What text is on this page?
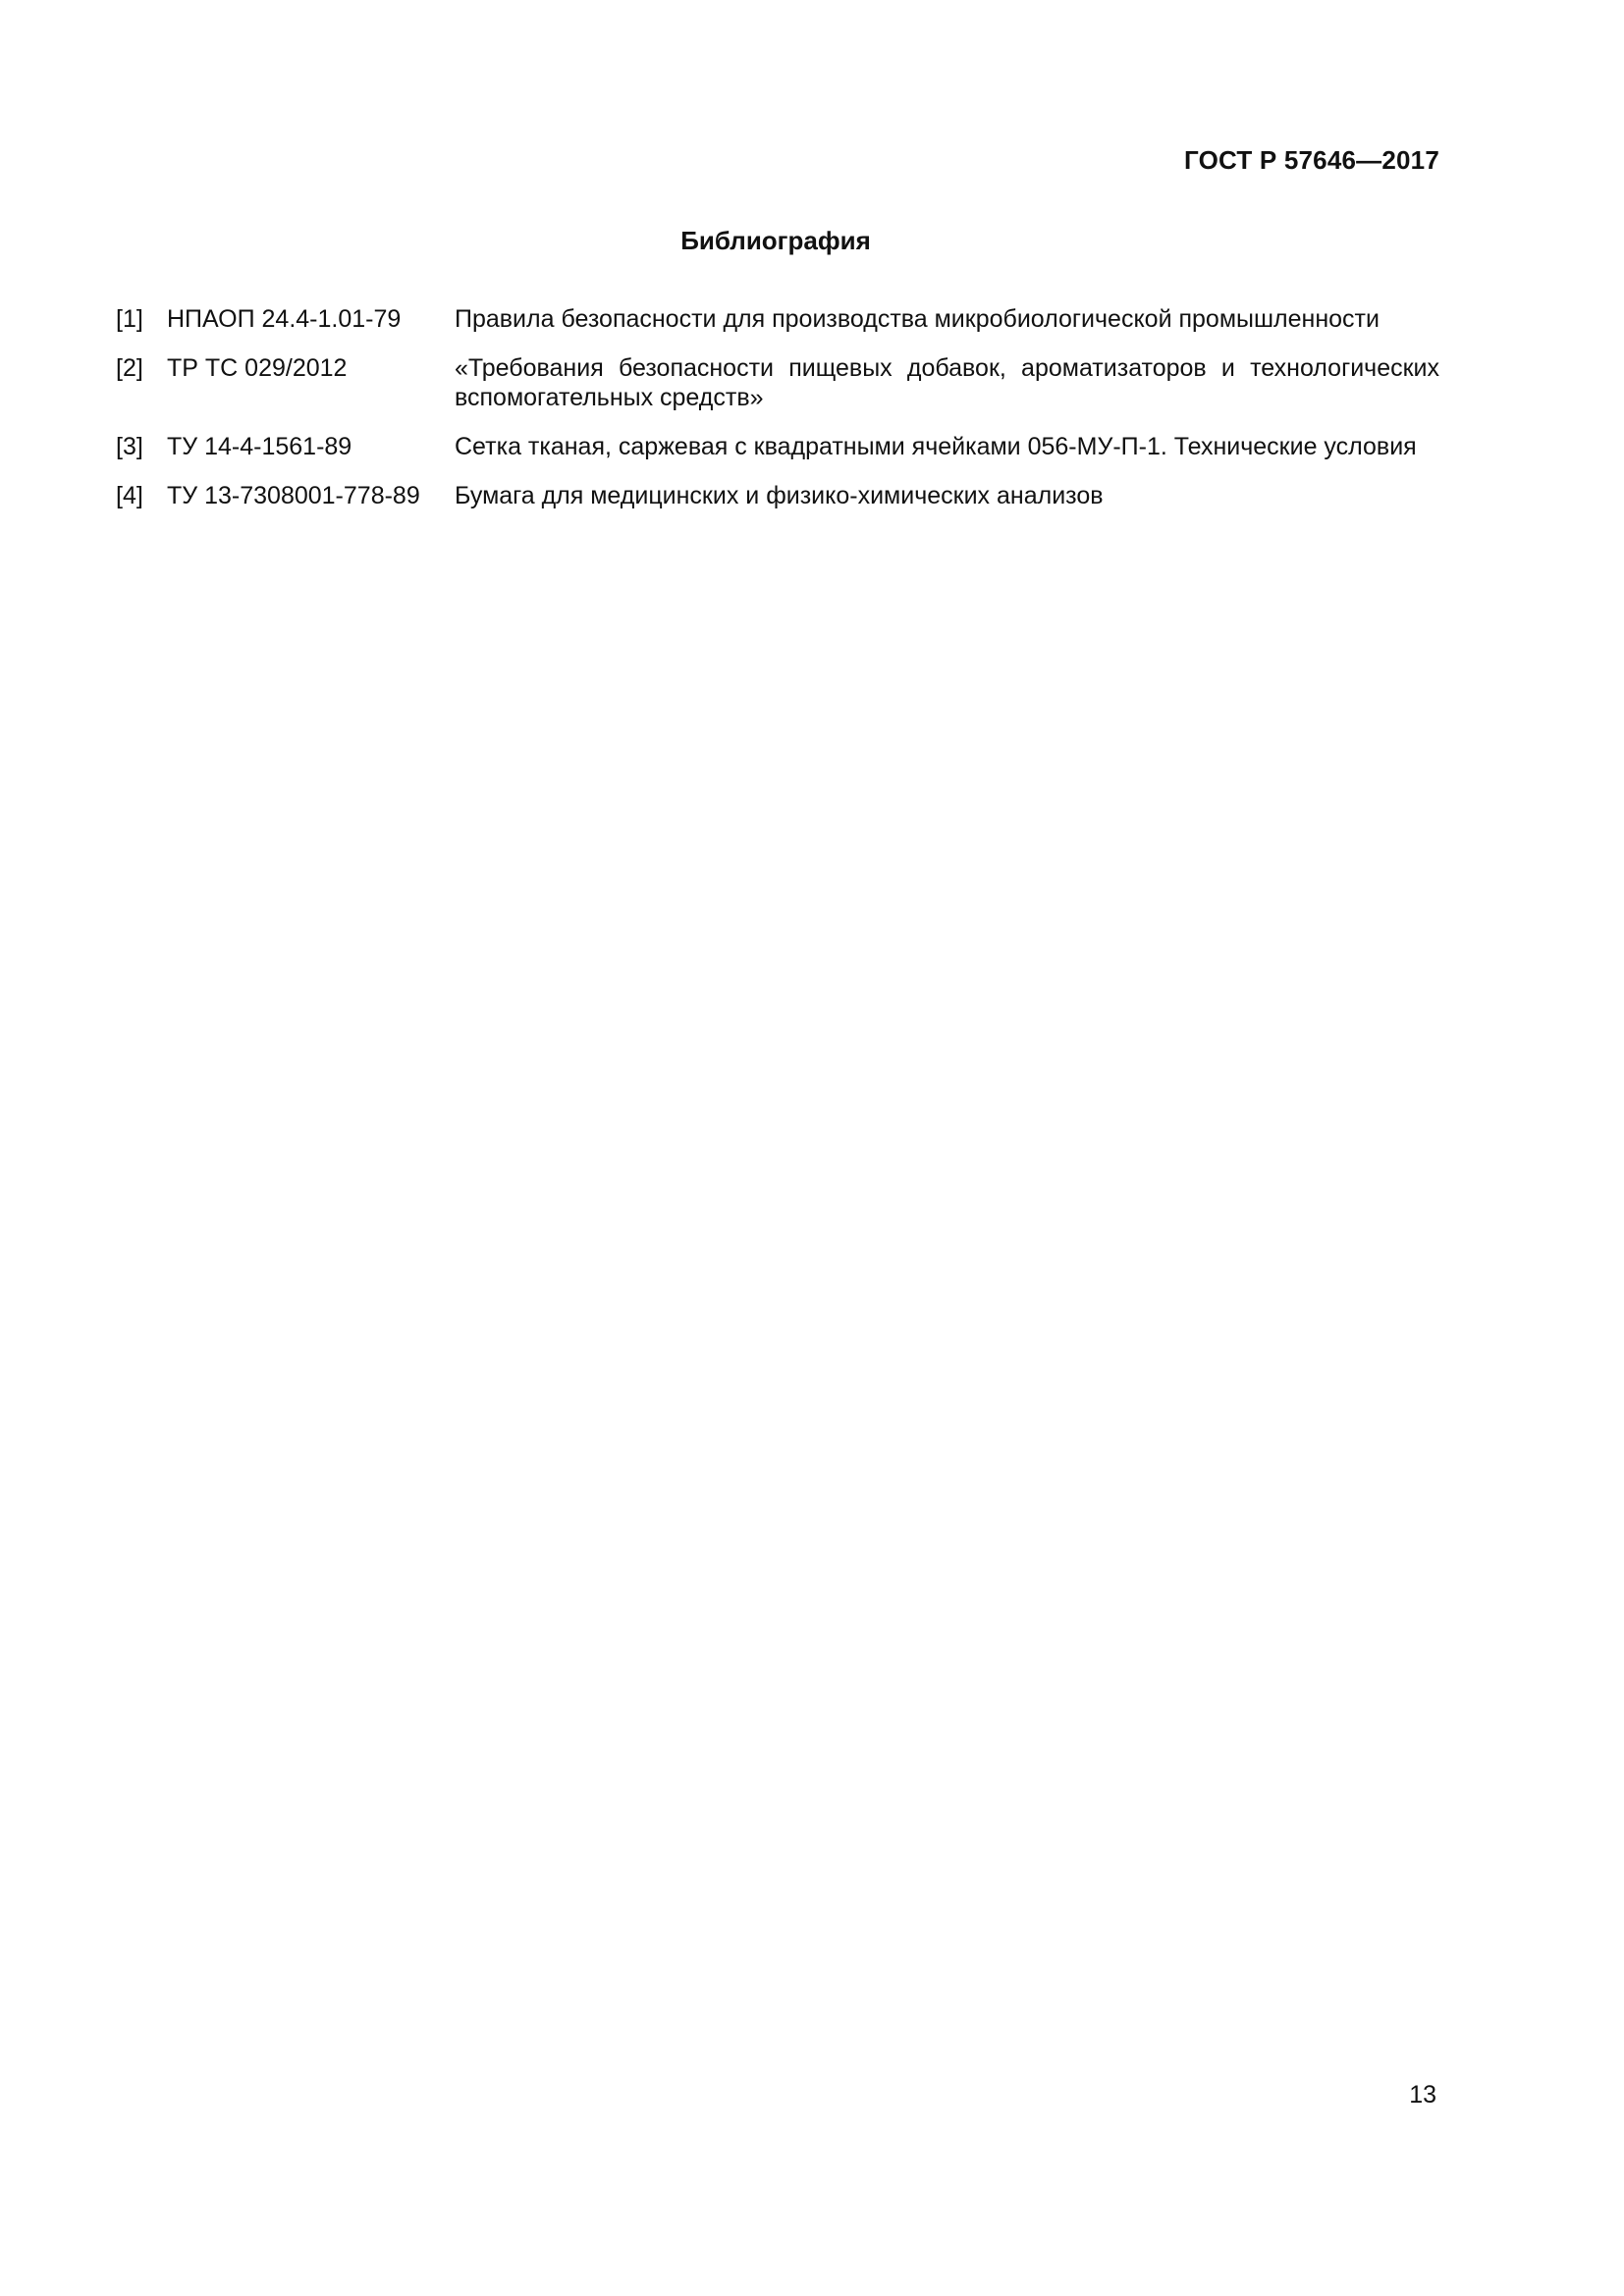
ГОСТ Р 57646—2017
Библиография
[1] НПАОП 24.4-1.01-79	Правила безопасности для производства микробиологической промышленности
[2] ТР ТС 029/2012	«Требования безопасности пищевых добавок, ароматизаторов и технологических вспомогательных средств»
[3] ТУ 14-4-1561-89	Сетка тканая, саржевая с квадратными ячейками 056-МУ-П-1. Технические условия
[4] ТУ 13-7308001-778-89	Бумага для медицинских и физико-химических анализов
13
